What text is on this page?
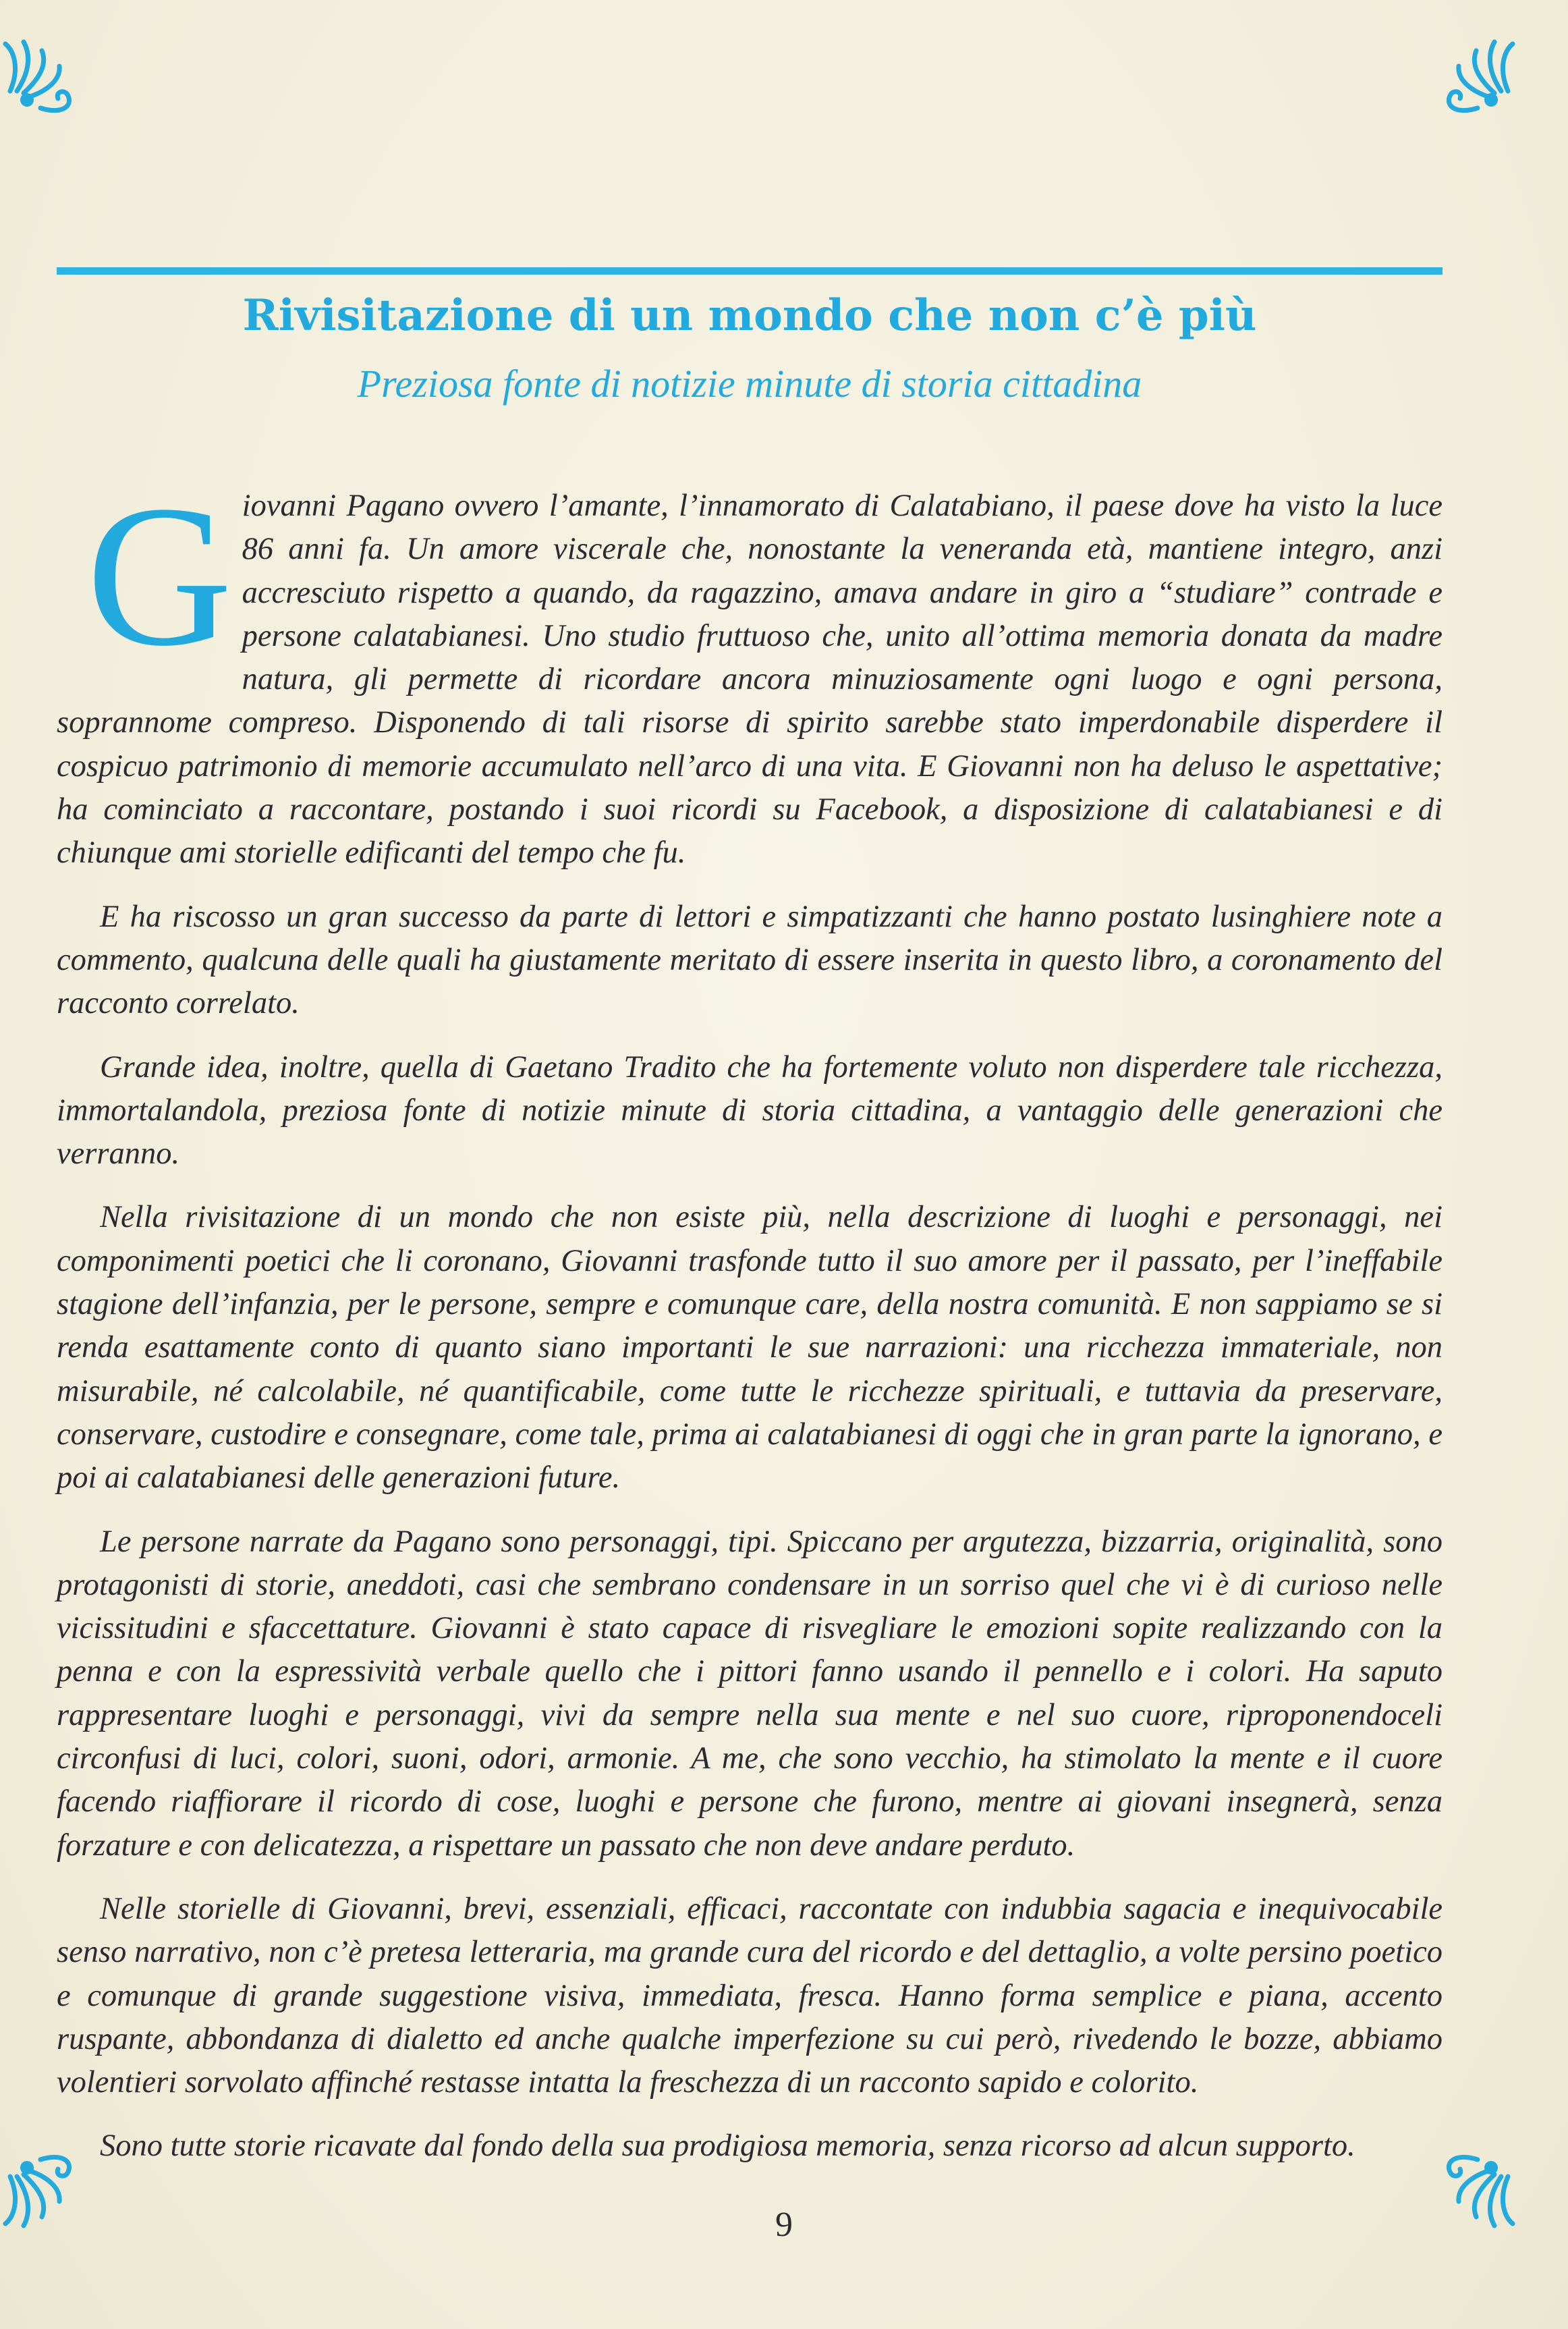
Rivisitazione di un mondo che non c’è più
Preziosa fonte di notizie minute di storia cittadina

Giovanni Pagano ovvero l’amante, l’innamorato di Calatabiano, il paese dove ha visto la luce 86 anni fa. Un amore viscerale che, nonostante la veneranda età, mantiene integro, anzi accresciuto rispetto a quando, da ragazzino, amava andare in giro a “studiare” contrade e persone calatabianesi. Uno studio fruttuoso che, unito all’ottima memoria donata da madre natura, gli permette di ricordare ancora minuziosamente ogni luogo e ogni persona, soprannome compreso. Disponendo di tali risorse di spirito sarebbe stato imperdonabile disperdere il cospicuo patrimonio di memorie accumulato nell’arco di una vita. E Giovanni non ha deluso le aspettative; ha cominciato a raccontare, postando i suoi ricordi su Facebook, a disposizione di calatabianesi e di chiunque ami storielle edificanti del tempo che fu.

E ha riscosso un gran successo da parte di lettori e simpatizzanti che hanno postato lusinghiere note a commento, qualcuna delle quali ha giustamente meritato di essere inserita in questo libro, a coronamento del racconto correlato.

Grande idea, inoltre, quella di Gaetano Tradito che ha fortemente voluto non disperdere tale ricchezza, immortalandola, preziosa fonte di notizie minute di storia cittadina, a vantaggio delle generazioni che verranno.

Nella rivisitazione di un mondo che non esiste più, nella descrizione di luoghi e personaggi, nei componimenti poetici che li coronano, Giovanni trasfonde tutto il suo amore per il passato, per l’ineffabile stagione dell’infanzia, per le persone, sempre e comunque care, della nostra comunità. E non sappiamo se si renda esattamente conto di quanto siano importanti le sue narrazioni: una ricchezza immateriale, non misurabile, né calcolabile, né quantificabile, come tutte le ricchezze spirituali, e tuttavia da preservare, conservare, custodire e consegnare, come tale, prima ai calatabianesi di oggi che in gran parte la ignorano, e poi ai calatabianesi delle generazioni future.

Le persone narrate da Pagano sono personaggi, tipi. Spiccano per argutezza, bizzarria, originalità, sono protagonisti di storie, aneddoti, casi che sembrano condensare in un sorriso quel che vi è di curioso nelle vicissitudini e sfaccettature. Giovanni è stato capace di risvegliare le emozioni sopite realizzando con la penna e con la espressività verbale quello che i pittori fanno usando il pennello e i colori. Ha saputo rappresentare luoghi e personaggi, vivi da sempre nella sua mente e nel suo cuore, riproponendoceli circonfusi di luci, colori, suoni, odori, armonie. A me, che sono vecchio, ha stimolato la mente e il cuore facendo riaffiorare il ricordo di cose, luoghi e persone che furono, mentre ai giovani insegnerà, senza forzature e con delicatezza, a rispettare un passato che non deve andare perduto.

Nelle storielle di Giovanni, brevi, essenziali, efficaci, raccontate con indubbia sagacia e inequivocabile senso narrativo, non c’è pretesa letteraria, ma grande cura del ricordo e del dettaglio, a volte persino poetico e comunque di grande suggestione visiva, immediata, fresca. Hanno forma semplice e piana, accento ruspante, abbondanza di dialetto ed anche qualche imperfezione su cui però, rivedendo le bozze, abbiamo volentieri sorvolato affinché restasse intatta la freschezza di un racconto sapido e colorito.

Sono tutte storie ricavate dal fondo della sua prodigiosa memoria, senza ricorso ad alcun supporto.

9
